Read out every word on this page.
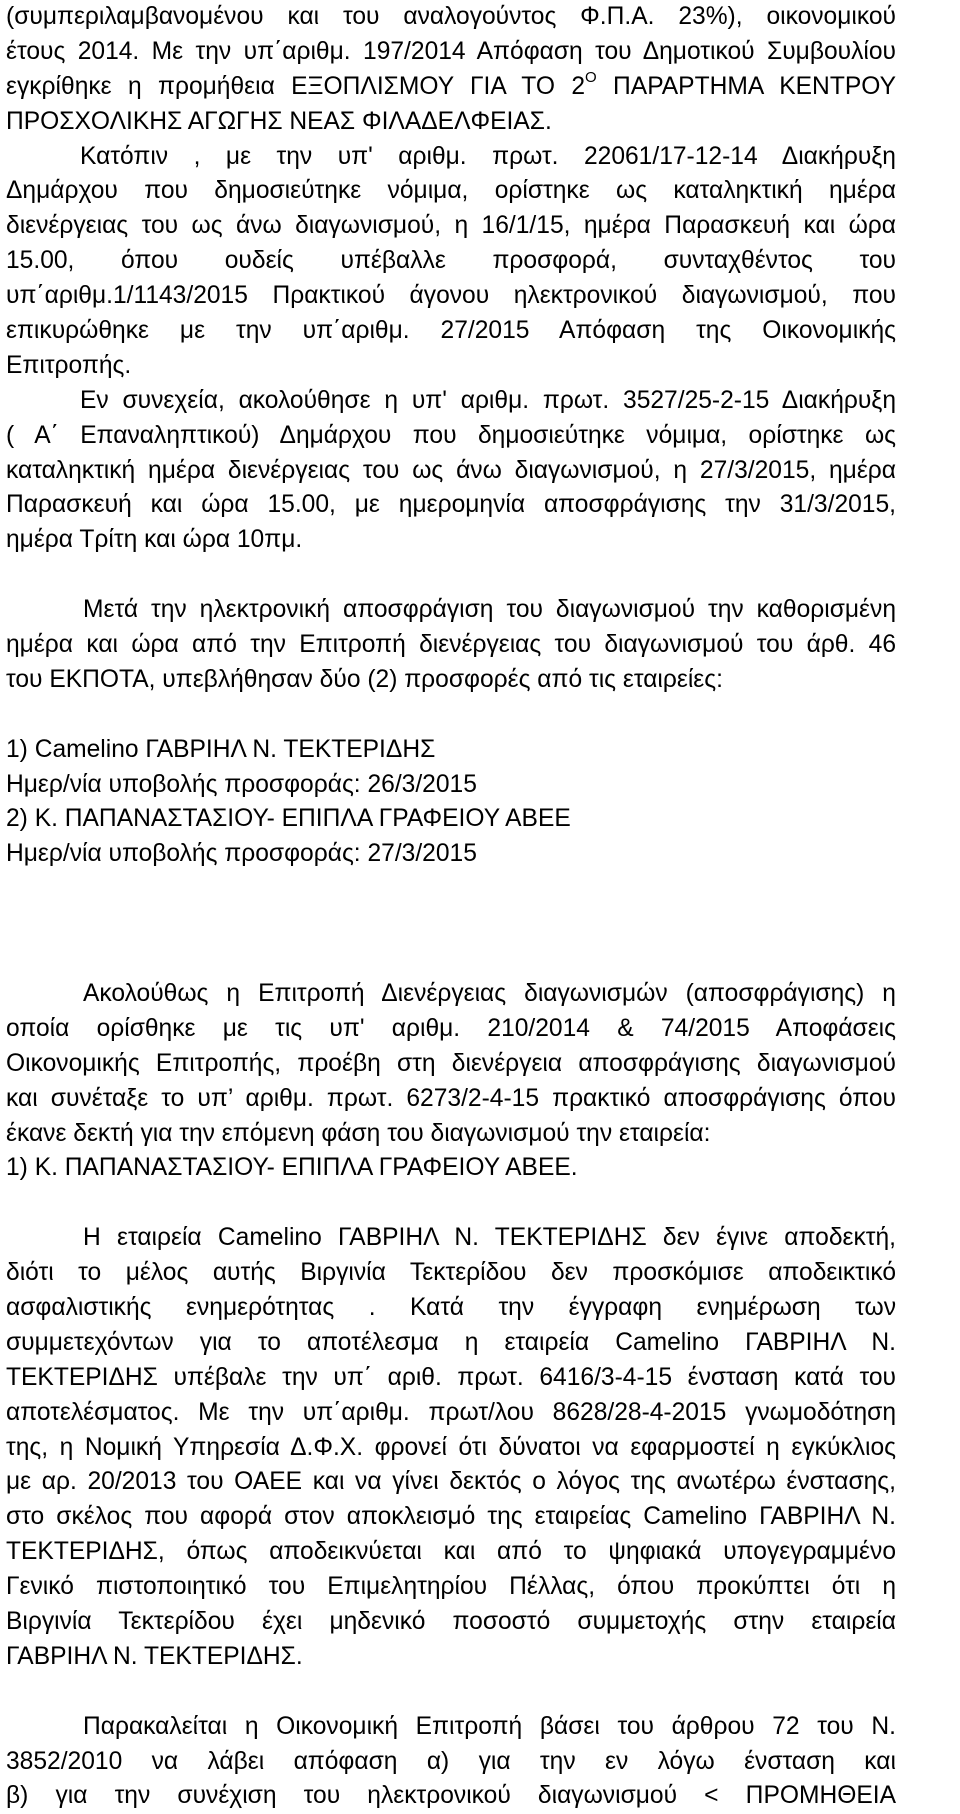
(συμπεριλαμβανομένου και του αναλογούντος Φ.Π.Α. 23%), οικονομικού
έτους 2014. Με την υπ΄αριθμ. 197/2014 Απόφαση του Δημοτικού Συμβουλίου
εγκρίθηκε η προμήθεια ΕΞΟΠΛΙΣΜΟΥ ΓΙΑ ΤΟ $2^O$ ΠΑΡΑΡΤΗΜΑ ΚΕΝΤΡΟΥ
ΠΡΟΣΧΟΛΙΚΗΣ ΑΓΩΓΗΣ ΝΕΑΣ ΦΙΛΑΔΕΛΦΕΙΑΣ.
Κατόπιν , με την υπ' αριθμ. πρωτ. 22061/17-12-14 Διακήρυξη
Δημάρχου που δημοσιεύτηκε νόμιμα, ορίστηκε ως καταληκτική ημέρα
διενέργειας του ως άνω διαγωνισμού, η 16/1/15, ημέρα Παρασκευή και ώρα
15.00, όπου ουδείς υπέβαλλε προσφορά, συνταχθέντος του
υπ΄αριθμ.1/1143/2015 Πρακτικού άγονου ηλεκτρονικού διαγωνισμού, που
επικυρώθηκε με την υπ΄αριθμ. 27/2015 Απόφαση της Οικονομικής
Επιτροπής.
Εν συνεχεία, ακολούθησε η υπ' αριθμ. πρωτ. 3527/25-2-15 Διακήρυξη
( Α΄ Επαναληπτικού) Δημάρχου που δημοσιεύτηκε νόμιμα, ορίστηκε ως
καταληκτική ημέρα διενέργειας του ως άνω διαγωνισμού, η 27/3/2015, ημέρα
Παρασκευή και ώρα 15.00, με ημερομηνία αποσφράγισης την 31/3/2015,
ημέρα Τρίτη και ώρα 10πμ.
Μετά την ηλεκτρονική αποσφράγιση του διαγωνισμού την καθορισμένη
ημέρα και ώρα από την Επιτροπή διενέργειας του διαγωνισμού του άρθ. 46
του ΕΚΠΟΤΑ, υπεβλήθησαν δύο (2) προσφορές από τις εταιρείες:
1) Camelino ΓΑΒΡΙΗΛ Ν. ΤΕΚΤΕΡΙΔΗΣ
Ημερ/νία υποβολής προσφοράς: 26/3/2015
2) Κ. ΠΑΠΑΝΑΣΤΑΣΙΟΥ- ΕΠΙΠΛΑ ΓΡΑΦΕΙΟΥ ΑΒΕΕ
Ημερ/νία υποβολής προσφοράς: 27/3/2015
Ακολούθως η Επιτροπή Διενέργειας διαγωνισμών (αποσφράγισης) η
οποία ορίσθηκε με τις υπ' αριθμ. 210/2014 & 74/2015 Αποφάσεις
Οικονομικής Επιτροπής, προέβη στη διενέργεια αποσφράγισης διαγωνισμού
και συνέταξε το υπ’ αριθμ. πρωτ. 6273/2-4-15 πρακτικό αποσφράγισης όπου
έκανε δεκτή για την επόμενη φάση του διαγωνισμού την εταιρεία:
1) Κ. ΠΑΠΑΝΑΣΤΑΣΙΟΥ- ΕΠΙΠΛΑ ΓΡΑΦΕΙΟΥ ΑΒΕΕ.
Η εταιρεία Camelino ΓΑΒΡΙΗΛ Ν. ΤΕΚΤΕΡΙΔΗΣ δεν έγινε αποδεκτή,
διότι το μέλος αυτής Βιργινία Τεκτερίδου δεν προσκόμισε αποδεικτικό
ασφαλιστικής ενημερότητας . Κατά την έγγραφη ενημέρωση των
συμμετεχόντων για το αποτέλεσμα η εταιρεία Camelino ΓΑΒΡΙΗΛ Ν.
ΤΕΚΤΕΡΙΔΗΣ υπέβαλε την υπ΄ αριθ. πρωτ. 6416/3-4-15 ένσταση κατά του
αποτελέσματος. Με την υπ΄αριθμ. πρωτ/λου 8628/28-4-2015 γνωμοδότηση
της, η Νομική Υπηρεσία Δ.Φ.Χ. φρονεί ότι δύνατοι να εφαρμοστεί η εγκύκλιος
με αρ. 20/2013 του ΟΑΕΕ και να γίνει δεκτός ο λόγος της ανωτέρω ένστασης,
στο σκέλος που αφορά στον αποκλεισμό της εταιρείας Camelino ΓΑΒΡΙΗΛ Ν.
ΤΕΚΤΕΡΙΔΗΣ, όπως αποδεικνύεται και από το ψηφιακά υπογεγραμμένο
Γενικό πιστοποιητικό του Επιμελητηρίου Πέλλας, όπου προκύπτει ότι η
Βιργινία Τεκτερίδου έχει μηδενικό ποσοστό συμμετοχής στην εταιρεία
ΓΑΒΡΙΗΛ Ν. ΤΕΚΤΕΡΙΔΗΣ.
Παρακαλείται η Οικονομική Επιτροπή βάσει του άρθρου 72 του Ν.
3852/2010 να λάβει απόφαση α) για την εν λόγω ένσταση και
β) για την συνέχιση του ηλεκτρονικού διαγωνισμού < ΠΡΟΜΗΘΕΙΑ
